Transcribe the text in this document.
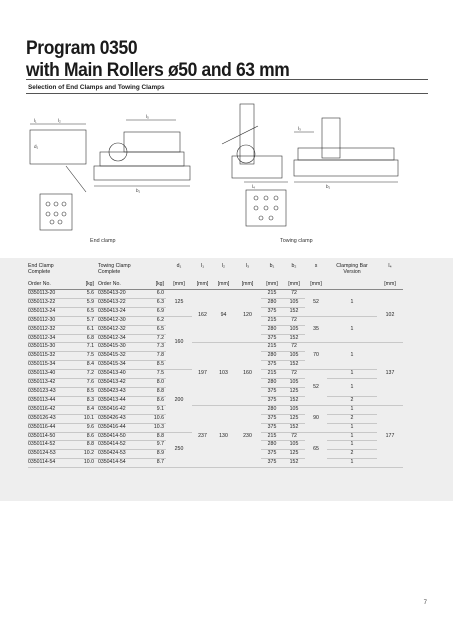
Program 0350
with Main Rollers ø50 and 63 mm
Selection of End Clamps and Towing Clamps
l₁	l₂
l₅
b₁
d₁
b₁
l₃
l₄
End clamp	Towing clamp
End Clamp
Complete		Towing Clamp
Complete		d₁	l₁	l₂	l₃	b₁	b₂	s	Clamping Bar
Version	l₄
Order No.	[kg]	Order No.	[kg]	[mm]	[mm]	[mm]	[mm]	[mm]	[mm]	[mm]		[mm]
0350113-20	5.6	0350413-20	6.0	125	162	94	120	215	72	52	1	102
0350113-22	5.9	0350413-22	6.3					280	105			
0350113-24	6.5	0350413-24	6.9					375	152			
0350112-30	5.7	0350412-30	6.2	160				215	72	35	1	
0350112-32	6.1	0350412-32	6.5					280	105			
0350112-34	6.8	0350412-34	7.2					375	152			
0350115-30	7.1	0350415-30	7.3		197	103	160	215	72	70	1	137
0350115-32	7.5	0350415-32	7.8					280	105			
0350115-34	8.4	0350415-34	8.5					375	152			
0350113-40	7.2	0350413-40	7.5	200				215	72	52	1	
0350113-42	7.6	0350413-42	8.0					280	105		1	
0350123-43	8.5	0350423-43	8.8					375	125			
0350113-44	8.3	0350413-44	8.6					375	152		2	
0350116-42	8.4	0350416-42	9.1		237	130	230	280	105	90	1	177
0350126-43	10.1	0350426-43	10.6					375	125		2	
0350116-44	9.6	0350416-44	10.3					375	152		1	
0350114-50	8.6	0350414-50	8.8	250				215	72	65	1	
0350114-52	8.8	0350414-52	9.7					280	105		1	
0350124-53	10.2	0350424-53	8.9					375	125		2	
0350114-54	10.0	0350414-54	8.7					375	152		1	
7
